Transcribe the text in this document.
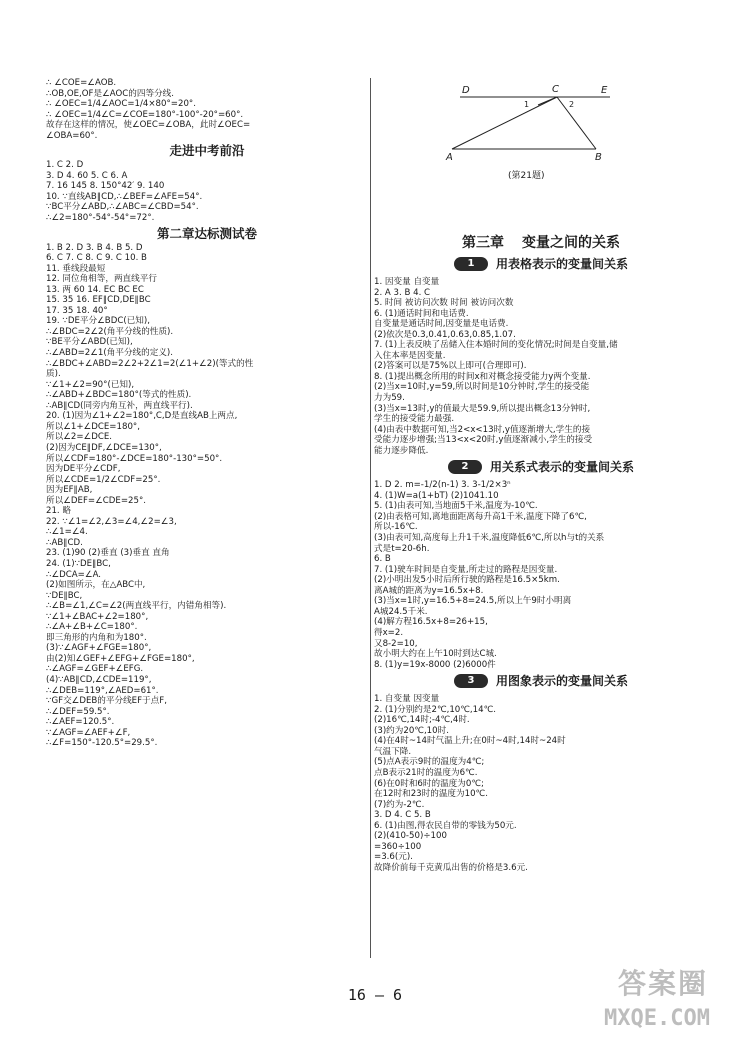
∴ ∠COE=∠AOB.
∴OB,OE,OF是∠AOC的四等分线.
∴ ∠OEC=1/4∠AOC=1/4×80°=20°.
∴ ∠OEC=1/4∠C=∠COE=180°-100°-20°=60°.
故存在这样的情况，使∠OEC=∠OBA，此时∠OEC=
∠OBA=60°.
走进中考前沿
1. C 2. D
3. D 4. 60 5. C 6. A
7. 16 145 8. 150°42′ 9. 140
10. ∵直线AB∥CD,∴∠BEF=∠AFE=54°.
∵BC平分∠ABD,∴∠ABC=∠CBD=54°.
∴∠2=180°-54°-54°=72°.
第二章达标测试卷
1. B 2. D 3. B 4. B 5. D
6. C 7. C 8. C 9. C 10. B
11. 垂线段最短
12. 同位角相等，两直线平行
13. 两 60 14. EC BC EC
15. 35 16. EF∥CD,DE∥BC
17. 35 18. 40°
19. ∵DE平分∠BDC(已知),
∴∠BDC=2∠2(角平分线的性质).
∵BE平分∠ABD(已知),
∴∠ABD=2∠1(角平分线的定义).
∴∠BDC+∠ABD=2∠2+2∠1=2(∠1+∠2)(等式的性
质).
∵∠1+∠2=90°(已知),
∴∠ABD+∠BDC=180°(等式的性质).
∴AB∥CD(同旁内角互补，两直线平行).
20. (1)因为∠1+∠2=180°,C,D是直线AB上两点,
所以∠1+∠DCE=180°,
所以∠2=∠DCE.
(2)因为CE∥DF,∠DCE=130°,
所以∠CDF=180°-∠DCE=180°-130°=50°.
因为DE平分∠CDF,
所以∠CDE=1/2∠CDF=25°.
因为EF∥AB,
所以∠DEF=∠CDE=25°.
21. 略
22. ∵∠1=∠2,∠3=∠4,∠2=∠3,
∴∠1=∠4.
∴AB∥CD.
23. (1)90 (2)垂直 (3)垂直 直角
24. (1)∵DE∥BC,
∴∠DCA=∠A.
(2)如图所示，在△ABC中,
∵DE∥BC,
∴∠B=∠1,∠C=∠2(两直线平行，内错角相等).
∵∠1+∠BAC+∠2=180°,
∴∠A+∠B+∠C=180°.
即三角形的内角和为180°.
(3)∵∠AGF+∠FGE=180°,
由(2)知∠GEF+∠EFG+∠FGE=180°,
∴∠AGF=∠GEF+∠EFG.
(4)∵AB∥CD,∠CDE=119°,
∴∠DEB=119°,∠AED=61°.
∵GF交∠DEB的平分线EF于点F,
∴∠DEF=59.5°.
∴∠AEF=120.5°.
∵∠AGF=∠AEF+∠F,
∴∠F=150°-120.5°=29.5°.
D	C	E
A	B
1	2
(第21题)
第三章 变量之间的关系
1	用表格表示的变量间关系
1. 因变量 自变量
2. A 3. B 4. C
5. 时间 被访问次数 时间 被访问次数
6. (1)通话时间和电话费.
自变量是通话时间,因变量是电话费.
(2)依次是0.3,0.41,0.63,0.85,1.07.
7. (1)上表反映了岳储入住本婚时间的变化情况;时间是自变量,储
入住本率是因变量.
(2)答案可以是75%以上即可(合理即可).
8. (1)提出概念所用的时间x和对概念接受能力y两个变量.
(2)当x=10时,y=59,所以时间是10分钟时,学生的接受能
力为59.
(3)当x=13时,y的值最大是59.9,所以提出概念13分钟时,
学生的接受能力最强.
(4)由表中数据可知,当2<x<13时,y值逐渐增大,学生的接
受能力逐步增强;当13<x<20时,y值逐渐减小,学生的接受
能力逐步降低.
2	用关系式表示的变量间关系
1. D 2. m=-1/2(n-1) 3. 3-1/2×3ⁿ
4. (1)W=a(1+bT) (2)1041.10
5. (1)由表可知,当地面5千米,温度为-10℃.
(2)由表格可知,离地面距离每升高1千米,温度下降了6℃,
所以-16℃.
(3)由表可知,高度每上升1千米,温度降低6℃,所以h与t的关系
式是t=20-6h.
6. B
7. (1)驶车时间是自变量,所走过的路程是因变量.
(2)小明出发5小时后所行驶的路程是16.5×5km.
离A城的距离为y=16.5x+8.
(3)当x=1时,y=16.5+8=24.5,所以上午9时小明离
A城24.5千米.
(4)解方程16.5x+8=26+15,
得x=2.
又8-2=10,
故小明大约在上午10时到达C城.
8. (1)y=19x-8000 (2)6000件
3	用图象表示的变量间关系
1. 自变量 因变量
2. (1)分别约是2℃,10℃,14℃.
(2)16℃,14时;-4℃,4时.
(3)约为20℃,10时.
(4)在4时~14时气温上升;在0时~4时,14时~24时
气温下降.
(5)点A表示9时的温度为4℃;
点B表示21时的温度为6℃.
(6)在0时和6时的温度为0℃;
在12时和23时的温度为10℃.
(7)约为-2℃.
3. D 4. C 5. B
6. (1)由图,得农民自带的零钱为50元.
(2)(410-50)÷100
=360÷100
=3.6(元).
故降价前每千克黄瓜出售的价格是3.6元.
16 — 6	答案圈
MXQE.COM
